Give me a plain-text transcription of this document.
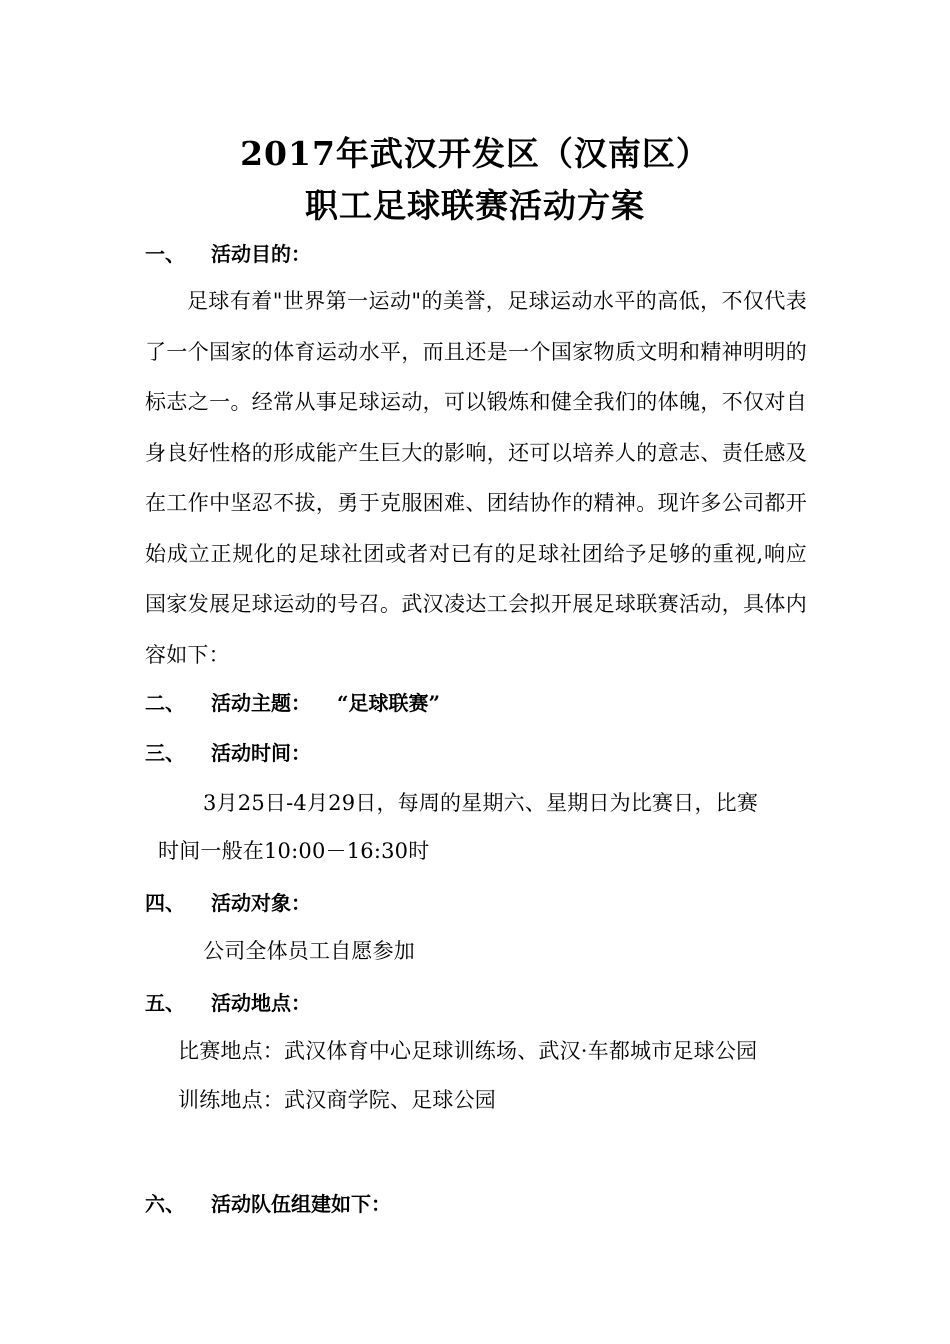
2017年武汉开发区（汉南区）
职工足球联赛活动方案
一、 活动目的：
足球有着"世界第一运动"的美誉，足球运动水平的高低，不仅代表了一个国家的体育运动水平，而且还是一个国家物质文明和精神明明的标志之一。经常从事足球运动，可以锻炼和健全我们的体魄，不仅对自身良好性格的形成能产生巨大的影响，还可以培养人的意志、责任感及在工作中坚忍不拔，勇于克服困难、团结协作的精神。现许多公司都开始成立正规化的足球社团或者对已有的足球社团给予足够的重视,响应国家发展足球运动的号召。武汉凌达工会拟开展足球联赛活动，具体内容如下：
二、 活动主题： “足球联赛”
三、 活动时间：
3月25日-4月29日，每周的星期六、星期日为比赛日，比赛
时间一般在10:00－16:30时
四、 活动对象：
公司全体员工自愿参加
五、 活动地点：
比赛地点：武汉体育中心足球训练场、武汉·车都城市足球公园
训练地点：武汉商学院、足球公园
六、 活动队伍组建如下：
